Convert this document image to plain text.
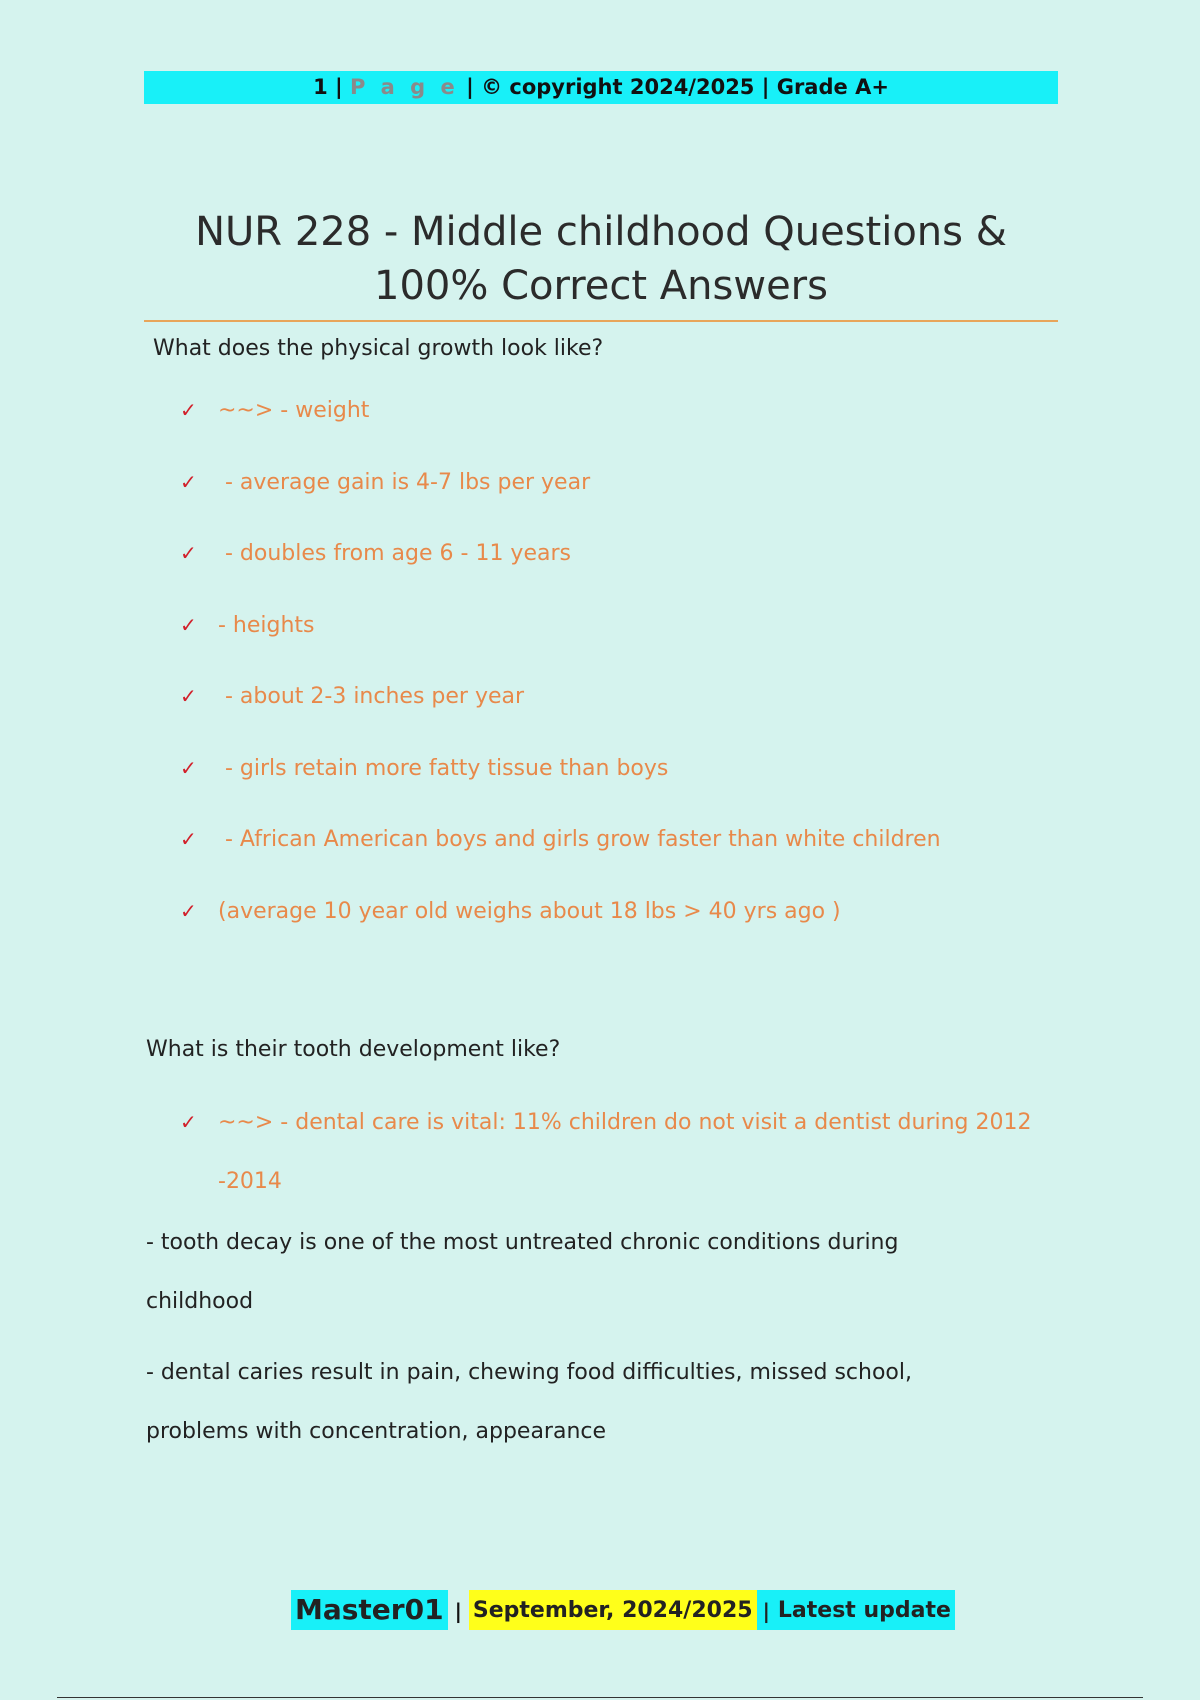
1 | P a g e | © copyright 2024/2025 | Grade A+
NUR 228 - Middle childhood Questions &
100% Correct Answers
What does the physical growth look like?
✓ ~~> - weight
✓ - average gain is 4-7 lbs per year
✓ - doubles from age 6 - 11 years
✓ - heights
✓ - about 2-3 inches per year
✓ - girls retain more fatty tissue than boys
✓ - African American boys and girls grow faster than white children
✓ (average 10 year old weighs about 18 lbs > 40 yrs ago )
What is their tooth development like?
✓ ~~> - dental care is vital: 11% children do not visit a dentist during 2012
-2014
- tooth decay is one of the most untreated chronic conditions during
childhood
- dental caries result in pain, chewing food difficulties, missed school,
problems with concentration, appearance
Master01 | September, 2024/2025 | Latest update
